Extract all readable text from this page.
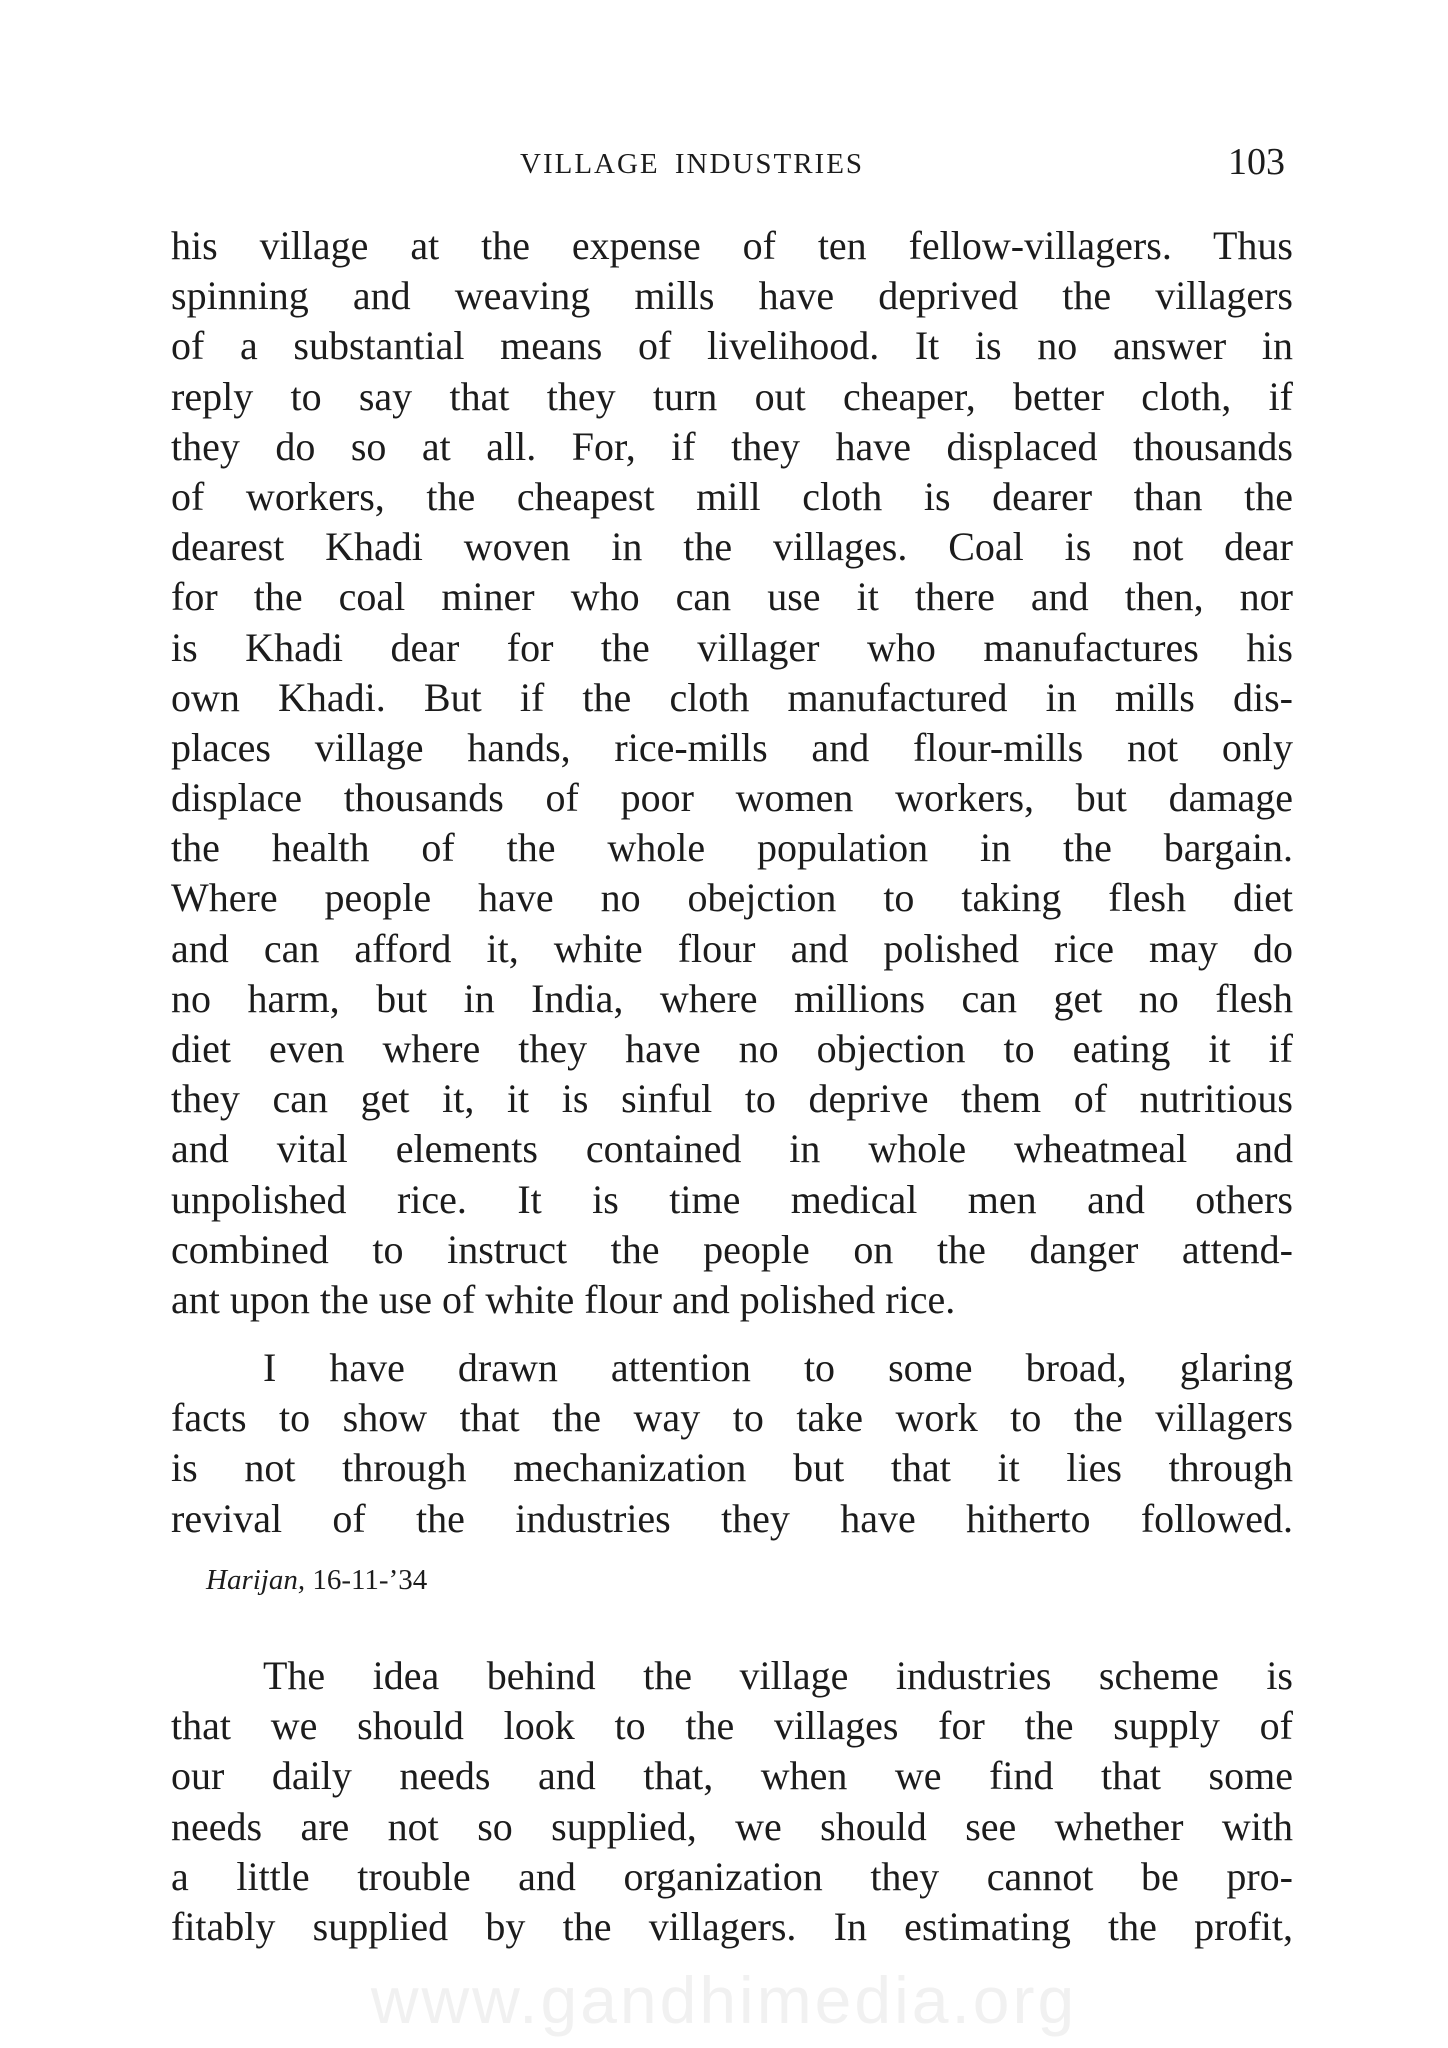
VILLAGE INDUSTRIES	103
his village at the expense of ten fellow-villagers. Thus
spinning and weaving mills have deprived the villagers
of a substantial means of livelihood. It is no answer in
reply to say that they turn out cheaper, better cloth, if
they do so at all. For, if they have displaced thousands
of workers, the cheapest mill cloth is dearer than the
dearest Khadi woven in the villages. Coal is not dear
for the coal miner who can use it there and then, nor
is Khadi dear for the villager who manufactures his
own Khadi. But if the cloth manufactured in mills dis-
places village hands, rice-mills and flour-mills not only
displace thousands of poor women workers, but damage
the health of the whole population in the bargain.
Where people have no obejction to taking flesh diet
and can afford it, white flour and polished rice may do
no harm, but in India, where millions can get no flesh
diet even where they have no objection to eating it if
they can get it, it is sinful to deprive them of nutritious
and vital elements contained in whole wheatmeal and
unpolished rice. It is time medical men and others
combined to instruct the people on the danger attend-
ant upon the use of white flour and polished rice.
I have drawn attention to some broad, glaring
facts to show that the way to take work to the villagers
is not through mechanization but that it lies through
revival of the industries they have hitherto followed.
Harijan, 16-11-’34
The idea behind the village industries scheme is
that we should look to the villages for the supply of
our daily needs and that, when we find that some
needs are not so supplied, we should see whether with
a little trouble and organization they cannot be pro-
fitably supplied by the villagers. In estimating the profit,
www.gandhimedia.org
